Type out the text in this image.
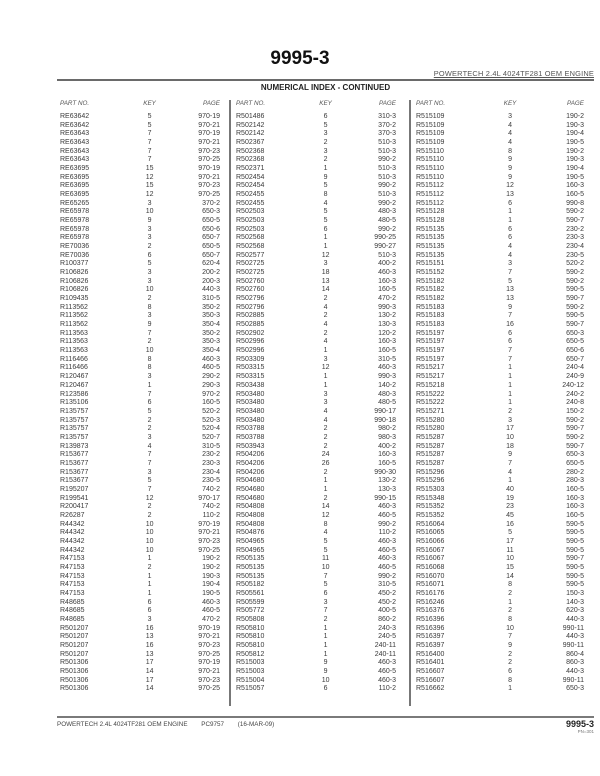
9995-3
POWERTECH 2.4L 4024TF281 OEM ENGINE
NUMERICAL INDEX - CONTINUED
PART NO.	KEY	PAGE
RE63642	5	970-19
RE63642	5	970-21
RE63643	7	970-19
RE63643	7	970-21
RE63643	7	970-23
RE63643	7	970-25
RE63695	15	970-19
RE63695	12	970-21
RE63695	15	970-23
RE63695	12	970-25
RE65265	3	370-2
RE65978	10	650-3
RE65978	9	650-5
RE65978	3	650-6
RE65978	3	650-7
RE70036	2	650-5
RE70036	6	650-7
R100377	5	620-4
R106826	3	200-2
R106826	3	200-3
R106826	10	440-3
R109435	2	310-5
R113562	8	350-2
R113562	3	350-3
R113562	9	350-4
R113563	7	350-2
R113563	2	350-3
R113563	10	350-4
R116466	8	460-3
R116466	8	460-5
R120467	3	290-2
R120467	1	290-3
R123586	7	970-2
R135106	6	160-5
R135757	5	520-2
R135757	2	520-3
R135757	2	520-4
R135757	3	520-7
R139873	4	310-5
R153677	7	230-2
R153677	7	230-3
R153677	3	230-4
R153677	5	230-5
R195207	7	740-2
R199541	12	970-17
R200417	2	740-2
R26287	2	110-2
R44342	10	970-19
R44342	10	970-21
R44342	10	970-23
R44342	10	970-25
R47153	1	190-2
R47153	2	190-2
R47153	1	190-3
R47153	1	190-4
R47153	1	190-5
R48685	6	460-3
R48685	6	460-5
R48685	3	470-2
R501207	16	970-19
R501207	13	970-21
R501207	16	970-23
R501207	13	970-25
R501306	17	970-19
R501306	14	970-21
R501306	17	970-23
R501306	14	970-25
PART NO.	KEY	PAGE
R501486	6	310-3
R502142	5	370-2
R502142	3	370-3
R502367	2	510-3
R502368	3	510-3
R502368	2	990-2
R502371	1	510-3
R502454	9	510-3
R502454	5	990-2
R502455	8	510-3
R502455	4	990-2
R502503	5	480-3
R502503	5	480-5
R502503	6	990-2
R502568	1	990-25
R502568	1	990-27
R502577	12	510-3
R502725	3	400-2
R502725	18	460-3
R502760	13	160-3
R502760	14	160-5
R502796	2	470-2
R502796	4	990-3
R502885	2	130-2
R502885	4	130-3
R502902	2	120-2
R502996	4	160-3
R502996	1	160-5
R503309	3	310-5
R503315	12	460-3
R503315	1	990-3
R503438	1	140-2
R503480	3	480-3
R503480	3	480-5
R503480	4	990-17
R503480	4	990-18
R503788	2	980-2
R503788	2	980-3
R503943	2	400-2
R504206	24	160-3
R504206	26	160-5
R504206	2	990-30
R504680	1	130-2
R504680	1	130-3
R504680	2	990-15
R504808	14	460-3
R504808	12	460-5
R504808	8	990-2
R504876	4	110-2
R504965	5	460-3
R504965	5	460-5
R505135	11	460-3
R505135	10	460-5
R505135	7	990-2
R505182	5	310-5
R505561	6	450-2
R505599	3	450-2
R505772	7	400-5
R505808	2	860-2
R505810	1	240-3
R505810	1	240-5
R505810	1	240-11
R505812	1	240-11
R515003	9	460-3
R515003	9	460-5
R515004	10	460-3
R515057	6	110-2
PART NO.	KEY	PAGE
R515109	3	190-2
R515109	4	190-3
R515109	4	190-4
R515109	4	190-5
R515110	8	190-2
R515110	9	190-3
R515110	9	190-4
R515110	9	190-5
R515112	12	160-3
R515112	13	160-5
R515112	6	990-8
R515128	1	590-2
R515128	1	590-7
R515135	6	230-2
R515135	6	230-3
R515135	4	230-4
R515135	4	230-5
R515151	3	520-2
R515152	7	590-2
R515182	5	590-2
R515182	13	590-5
R515182	13	590-7
R515183	9	590-2
R515183	7	590-5
R515183	16	590-7
R515197	6	650-3
R515197	6	650-5
R515197	7	650-6
R515197	7	650-7
R515217	1	240-4
R515217	1	240-9
R515218	1	240-12
R515222	1	240-2
R515222	1	240-8
R515271	2	150-2
R515280	3	590-2
R515280	17	590-7
R515287	10	590-2
R515287	18	590-7
R515287	9	650-3
R515287	7	650-5
R515296	4	280-2
R515296	1	280-3
R515303	40	160-5
R515348	19	160-3
R515352	23	160-3
R515352	45	160-5
R516064	16	590-5
R516065	5	590-5
R516066	17	590-5
R516067	11	590-5
R516067	10	590-7
R516068	15	590-5
R516070	14	590-5
R516071	8	590-5
R516176	2	150-3
R516246	1	140-3
R516376	2	620-3
R516396	8	440-3
R516396	10	990-11
R516397	7	440-3
R516397	9	990-11
R516400	2	860-4
R516401	2	860-3
R516607	6	440-3
R516607	8	990-11
R516662	1	650-3
POWERTECH 2.4L 4024TF281 OEM ENGINE PC9757 (16-MAR-09)	9995-3
PN=301
